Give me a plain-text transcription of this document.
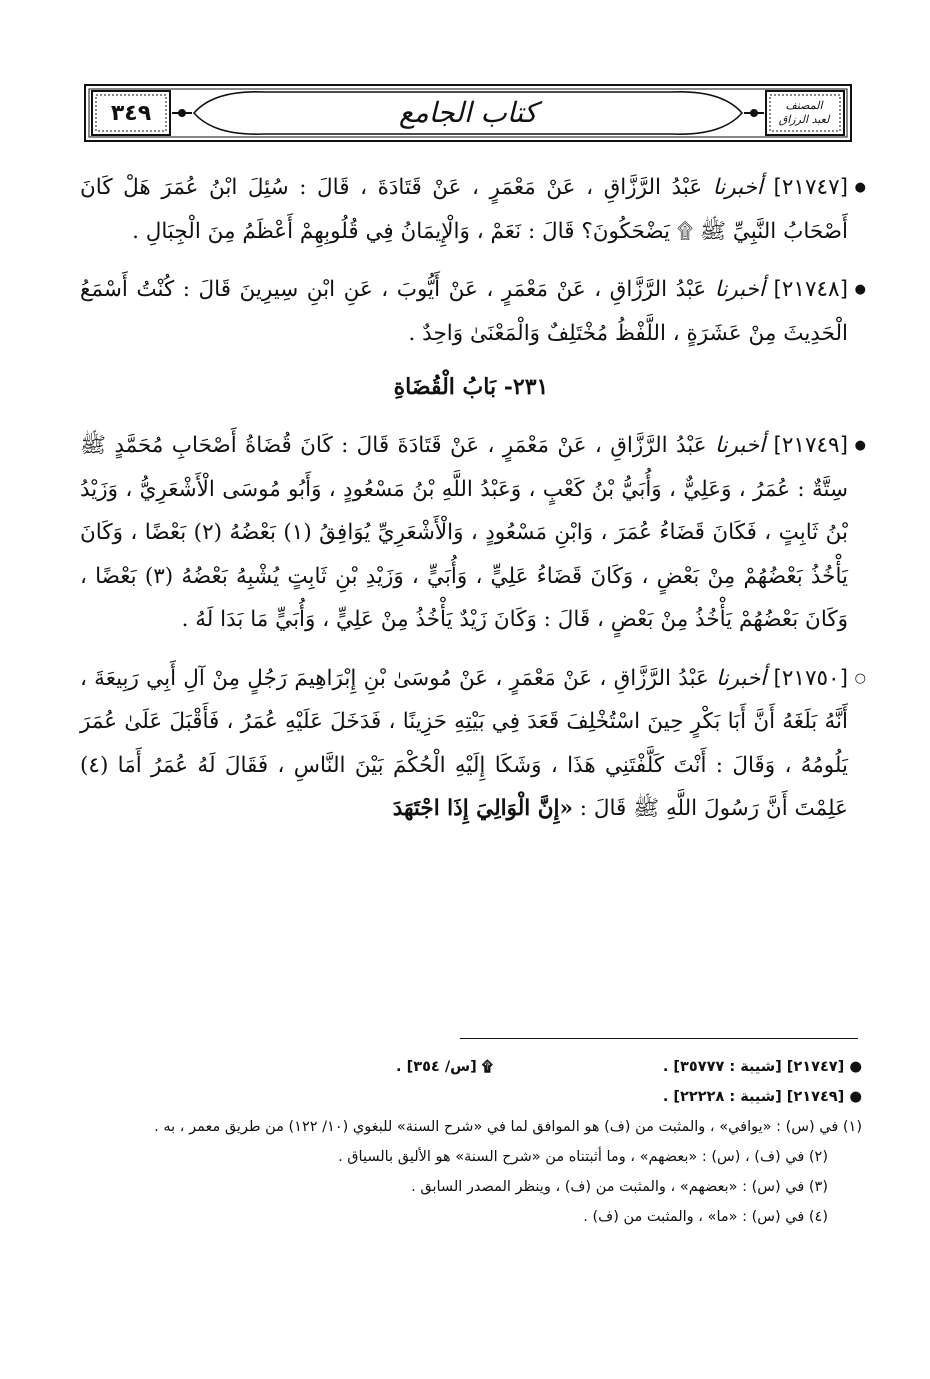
٣٤٩	كتاب الجامع	المصنف
لعبد الرزاق

●
[٢١٧٤٧] أخبرنا عَبْدُ الرَّزَّاقِ ، عَنْ مَعْمَرٍ ، عَنْ قَتَادَةَ ، قَالَ : سُئِلَ ابْنُ عُمَرَ هَلْ كَانَ أَصْحَابُ النَّبِيِّ ﷺ ۩ يَضْحَكُونَ؟ قَالَ : نَعَمْ ، وَالْإِيمَانُ فِي قُلُوبِهِمْ أَعْظَمُ مِنَ الْجِبَالِ .

●
[٢١٧٤٨] أخبرنا عَبْدُ الرَّزَّاقِ ، عَنْ مَعْمَرٍ ، عَنْ أَيُّوبَ ، عَنِ ابْنِ سِيرِينَ قَالَ : كُنْتُ أَسْمَعُ الْحَدِيثَ مِنْ عَشَرَةٍ ، اللَّفْظُ مُخْتَلِفٌ وَالْمَعْنَىٰ وَاحِدٌ .

٢٣١- بَابُ الْقُضَاةِ

●
[٢١٧٤٩] أخبرنا عَبْدُ الرَّزَّاقِ ، عَنْ مَعْمَرٍ ، عَنْ قَتَادَةَ قَالَ : كَانَ قُضَاةُ أَصْحَابِ مُحَمَّدٍ ﷺ سِتَّةٌ : عُمَرُ ، وَعَلِيٌّ ، وَأُبَيُّ بْنُ كَعْبٍ ، وَعَبْدُ اللَّهِ بْنُ مَسْعُودٍ ، وَأَبُو مُوسَى الْأَشْعَرِيُّ ، وَزَيْدُ بْنُ ثَابِتٍ ، فَكَانَ قَضَاءُ عُمَرَ ، وَابْنِ مَسْعُودٍ ، وَالْأَشْعَرِيِّ يُوَافِقُ (١) بَعْضُهُ (٢) بَعْضًا ، وَكَانَ يَأْخُذُ بَعْضُهُمْ مِنْ بَعْضٍ ، وَكَانَ قَضَاءُ عَلِيٍّ ، وَأُبَيٍّ ، وَزَيْدِ بْنِ ثَابِتٍ يُشْبِهُ بَعْضُهُ (٣) بَعْضًا ، وَكَانَ بَعْضُهُمْ يَأْخُذُ مِنْ بَعْضٍ ، قَالَ : وَكَانَ زَيْدٌ يَأْخُذُ مِنْ عَلِيٍّ ، وَأُبَيٍّ مَا بَدَا لَهُ .

○
[٢١٧٥٠] أخبرنا عَبْدُ الرَّزَّاقِ ، عَنْ مَعْمَرٍ ، عَنْ مُوسَىٰ بْنِ إِبْرَاهِيمَ رَجُلٍ مِنْ آلِ أَبِي رَبِيعَةَ ، أَنَّهُ بَلَغَهُ أَنَّ أَبَا بَكْرٍ حِينَ اسْتُخْلِفَ قَعَدَ فِي بَيْتِهِ حَزِينًا ، فَدَخَلَ عَلَيْهِ عُمَرُ ، فَأَقْبَلَ عَلَىٰ عُمَرَ يَلُومُهُ ، وَقَالَ : أَنْتَ كَلَّفْتَنِي هَذَا ، وَشَكَا إِلَيْهِ الْحُكْمَ بَيْنَ النَّاسِ ، فَقَالَ لَهُ عُمَرُ أَمَا (٤) عَلِمْتَ أَنَّ رَسُولَ اللَّهِ ﷺ قَالَ : «إِنَّ الْوَالِيَ إِذَا اجْتَهَدَ

● [٢١٧٤٧] [شيبة : ٣٥٧٧٧] .

۩ [س/ ٣٥٤] .

● [٢١٧٤٩] [شيبة : ٢٢٢٢٨] .

(١) في (س) : «يوافي» ، والمثبت من (ف) هو الموافق لما في «شرح السنة» للبغوي (١٠/ ١٢٢) من طريق معمر ، به .

(٢) في (ف) ، (س) : «بعضهم» ، وما أثبتناه من «شرح السنة» هو الأليق بالسياق .

(٣) في (س) : «بعضهم» ، والمثبت من (ف) ، وينظر المصدر السابق .

(٤) في (س) : «ما» ، والمثبت من (ف) .
